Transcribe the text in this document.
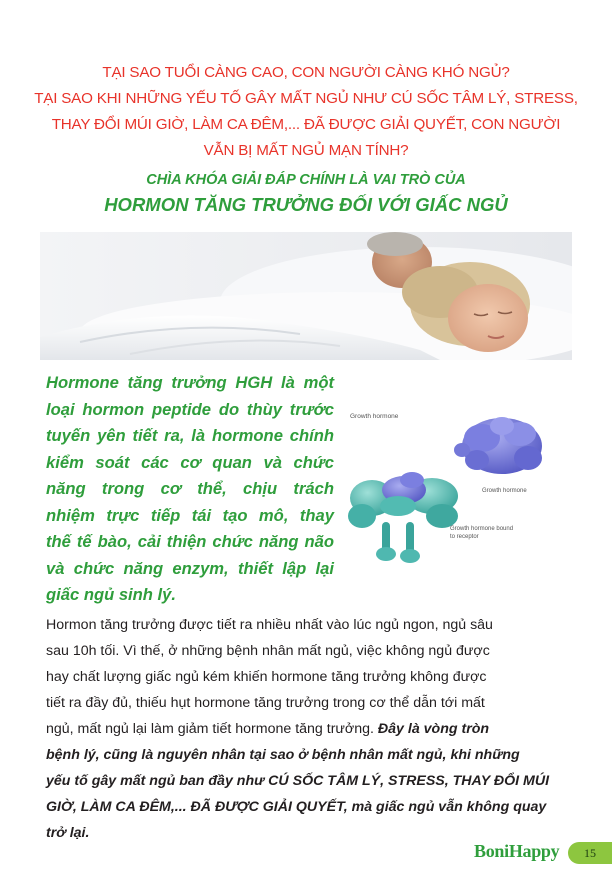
TẠI SAO TUỔI CÀNG CAO, CON NGƯỜI CÀNG KHÓ NGỦ?
TẠI SAO KHI NHỮNG YẾU TỐ GÂY MẤT NGỦ NHƯ CÚ SỐC TÂM LÝ, STRESS,
THAY ĐỔI MÚI GIỜ, LÀM CA ĐÊM,... ĐÃ ĐƯỢC GIẢI QUYẾT, CON NGƯỜI
VẪN BỊ MẤT NGỦ MẠN TÍNH?
CHÌA KHÓA GIẢI ĐÁP CHÍNH LÀ VAI TRÒ CỦA
HORMON TĂNG TRƯỞNG ĐỐI VỚI GIẤC NGỦ
Hormone tăng trưởng HGH là một
loại hormon peptide do thùy trước
tuyến yên tiết ra, là hormone chính
kiểm soát các cơ quan và chức
năng trong cơ thể, chịu trách
nhiệm trực tiếp tái tạo mô, thay
thế tế bào, cải thiện chức năng não
và chức năng enzym, thiết lập lại
giấc ngủ sinh lý.
Growth hormone
Growth hormone
Growth hormone bound
to receptor
Hormon tăng trưởng được tiết ra nhiều nhất vào lúc ngủ ngon, ngủ sâu
sau 10h tối. Vì thế, ở những bệnh nhân mất ngủ, việc không ngủ được
hay chất lượng giấc ngủ kém khiến hormone tăng trưởng không được
tiết ra đầy đủ, thiếu hụt hormone tăng trưởng trong cơ thể dẫn tới mất
ngủ, mất ngủ lại làm giảm tiết hormone tăng trưởng. Đây là vòng tròn
bệnh lý, cũng là nguyên nhân tại sao ở bệnh nhân mất ngủ, khi những
yếu tố gây mất ngủ ban đầy như CÚ SỐC TÂM LÝ, STRESS, THAY ĐỔI MÚI
GIỜ, LÀM CA ĐÊM,... ĐÃ ĐƯỢC GIẢI QUYẾT, mà giấc ngủ vẫn không quay
trở lại.
BoniHappy	15
